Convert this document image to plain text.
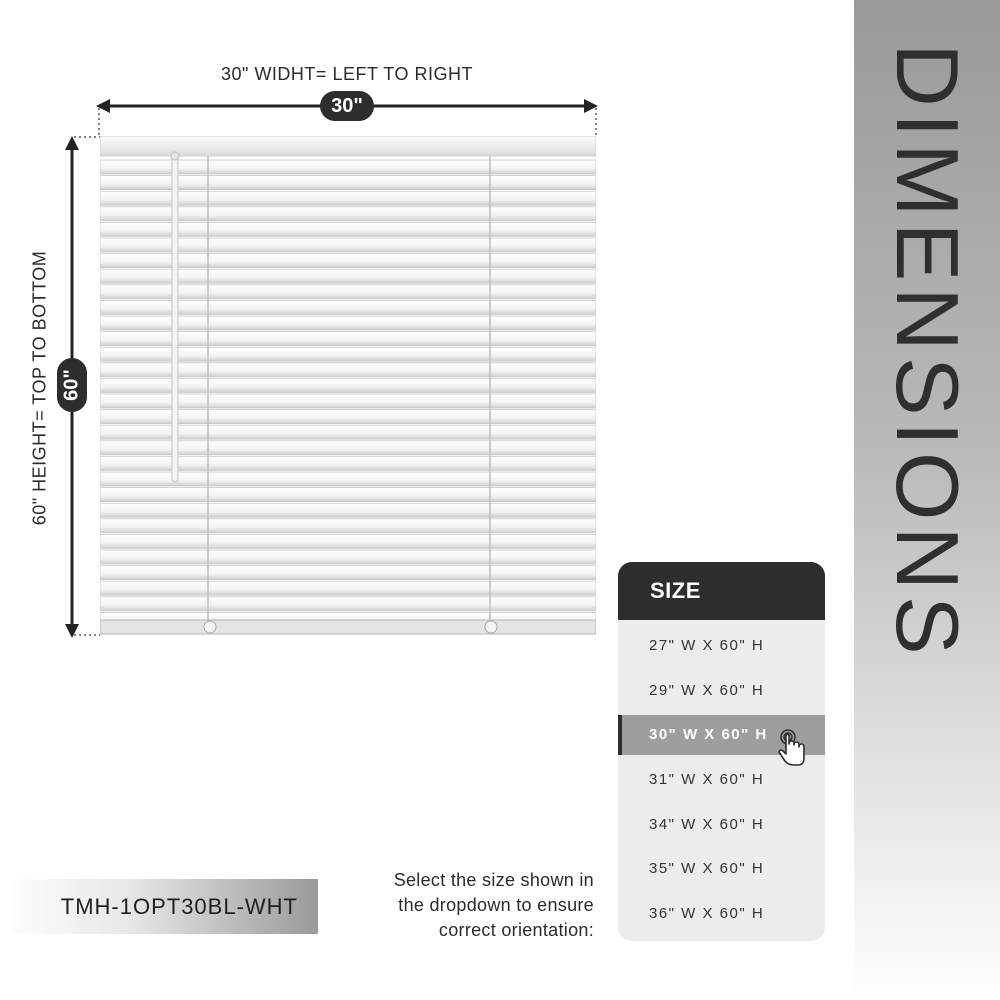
DIMENSIONS
30" WIDHT= LEFT TO RIGHT
30"
60" HEIGHT= TOP TO BOTTOM 60"
SIZE
27" W X 60" H
29" W X 60" H
30" W X 60" H
31" W X 60" H
34" W X 60" H
35" W X 60" H
36" W X 60" H
TMH-1OPT30BL-WHT
Select the size shown in
the dropdown to ensure
correct orientation:
